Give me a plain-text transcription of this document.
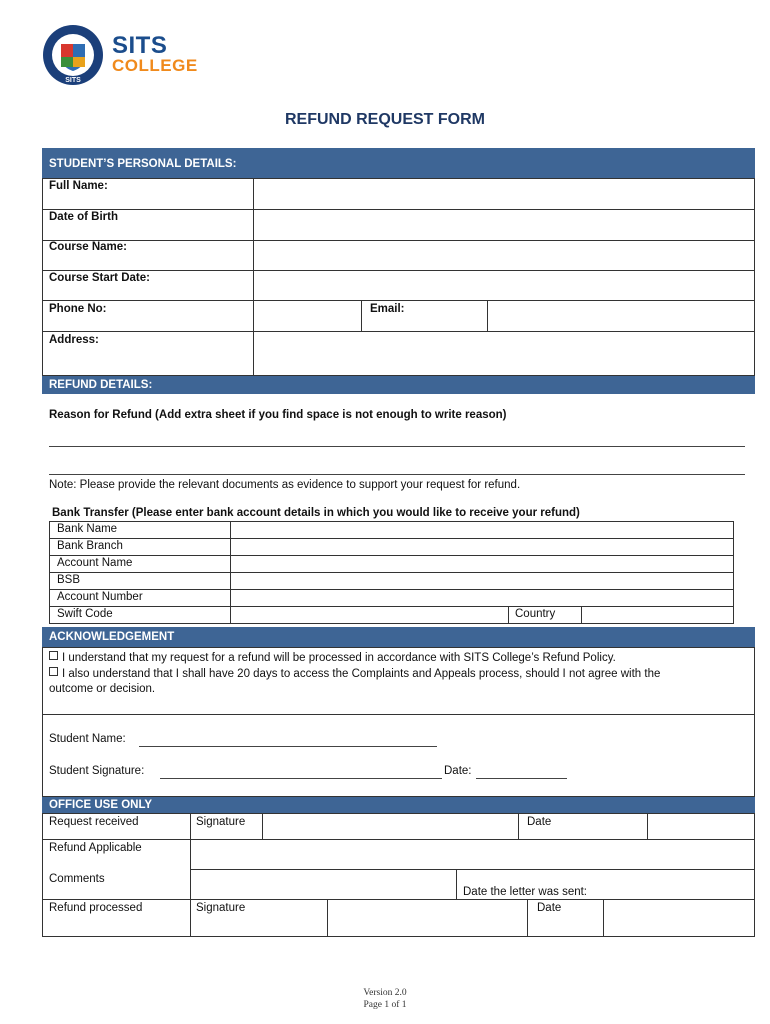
SITS
SITS
COLLEGE
REFUND REQUEST FORM
STUDENT’S PERSONAL DETAILS:
Full Name:
Date of Birth
Course Name:
Course Start Date:
Phone No:	Email:
Address:
REFUND DETAILS:
Reason for Refund (Add extra sheet if you find space is not enough to write reason)
Note: Please provide the relevant documents as evidence to support your request for refund.
Bank Transfer (Please enter bank account details in which you would like to receive your refund)
Bank Name
Bank Branch
Account Name
BSB
Account Number
Swift Code	Country
ACKNOWLEDGEMENT
I understand that my request for a refund will be processed in accordance with SITS College’s Refund Policy.
I also understand that I shall have 20 days to access the Complaints and Appeals process, should I not agree with the
outcome or decision.
Student Name:
Student Signature:	Date:
OFFICE USE ONLY
Request received	Signature	Date
Refund Applicable
Comments
Date the letter was sent:
Refund processed	Signature	Date
Version 2.0
Page 1 of 1
